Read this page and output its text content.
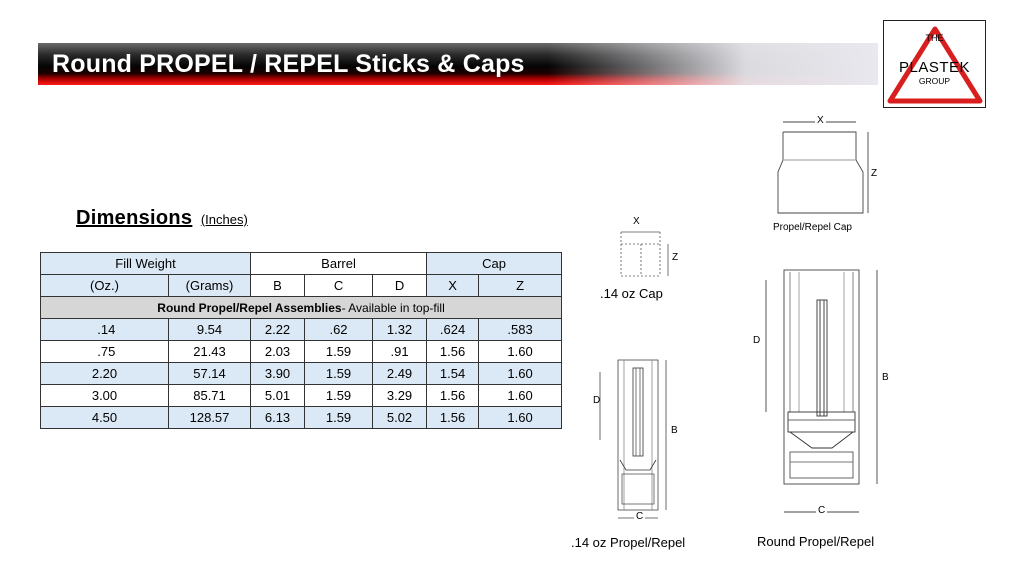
Round PROPEL / REPEL Sticks & Caps
THE
PLASTEK
GROUP
Dimensions (Inches)
Fill Weight		Barrel			Cap	
(Oz.)	(Grams)	B	C	D	X	Z
Round Propel/Repel Assemblies- Available in top-fill						
.14	9.54	2.22	.62	1.32	.624	.583
.75	21.43	2.03	1.59	.91	1.56	1.60
2.20	57.14	3.90	1.59	2.49	1.54	1.60
3.00	85.71	5.01	1.59	3.29	1.56	1.60
4.50	128.57	6.13	1.59	5.02	1.56	1.60
X
Z
.14 oz Cap
X
Z
Propel/Repel Cap
D
B
C
.14 oz Propel/Repel
D
B
C
Round Propel/Repel
